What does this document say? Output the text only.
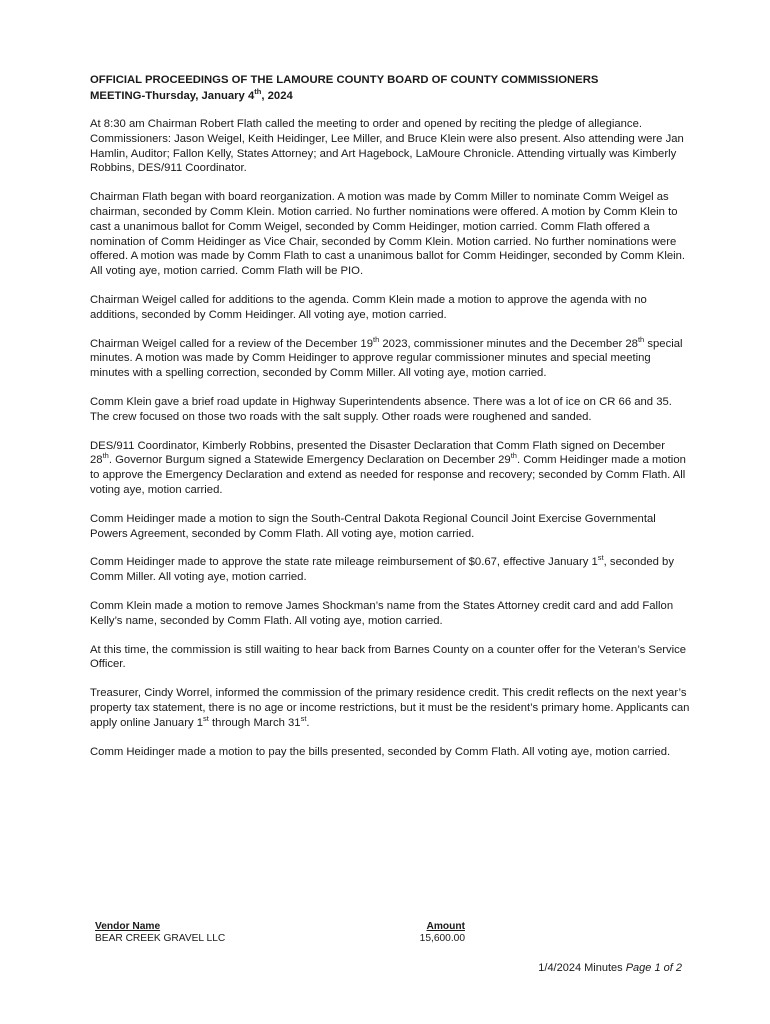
OFFICIAL PROCEEDINGS OF THE LAMOURE COUNTY BOARD OF COUNTY COMMISSIONERS
MEETING-Thursday, January 4th, 2024

At 8:30 am Chairman Robert Flath called the meeting to order and opened by reciting the pledge of allegiance. Commissioners: Jason Weigel, Keith Heidinger, Lee Miller, and Bruce Klein were also present. Also attending were Jan Hamlin, Auditor; Fallon Kelly, States Attorney; and Art Hagebock, LaMoure Chronicle. Attending virtually was Kimberly Robbins, DES/911 Coordinator.

Chairman Flath began with board reorganization. A motion was made by Comm Miller to nominate Comm Weigel as chairman, seconded by Comm Klein. Motion carried. No further nominations were offered. A motion by Comm Klein to cast a unanimous ballot for Comm Weigel, seconded by Comm Heidinger, motion carried. Comm Flath offered a nomination of Comm Heidinger as Vice Chair, seconded by Comm Klein. Motion carried. No further nominations were offered. A motion was made by Comm Flath to cast a unanimous ballot for Comm Heidinger, seconded by Comm Klein. All voting aye, motion carried. Comm Flath will be PIO.

Chairman Weigel called for additions to the agenda. Comm Klein made a motion to approve the agenda with no additions, seconded by Comm Heidinger. All voting aye, motion carried.

Chairman Weigel called for a review of the December 19th 2023, commissioner minutes and the December 28th special minutes. A motion was made by Comm Heidinger to approve regular commissioner minutes and special meeting minutes with a spelling correction, seconded by Comm Miller. All voting aye, motion carried.

Comm Klein gave a brief road update in Highway Superintendents absence. There was a lot of ice on CR 66 and 35. The crew focused on those two roads with the salt supply. Other roads were roughened and sanded.

DES/911 Coordinator, Kimberly Robbins, presented the Disaster Declaration that Comm Flath signed on December 28th. Governor Burgum signed a Statewide Emergency Declaration on December 29th. Comm Heidinger made a motion to approve the Emergency Declaration and extend as needed for response and recovery; seconded by Comm Flath. All voting aye, motion carried.

Comm Heidinger made a motion to sign the South-Central Dakota Regional Council Joint Exercise Governmental Powers Agreement, seconded by Comm Flath. All voting aye, motion carried.

Comm Heidinger made to approve the state rate mileage reimbursement of $0.67, effective January 1st, seconded by Comm Miller. All voting aye, motion carried.

Comm Klein made a motion to remove James Shockman’s name from the States Attorney credit card and add Fallon Kelly’s name, seconded by Comm Flath. All voting aye, motion carried.

At this time, the commission is still waiting to hear back from Barnes County on a counter offer for the Veteran’s Service Officer.

Treasurer, Cindy Worrel, informed the commission of the primary residence credit. This credit reflects on the next year’s property tax statement, there is no age or income restrictions, but it must be the resident’s primary home. Applicants can apply online January 1st through March 31st.

Comm Heidinger made a motion to pay the bills presented, seconded by Comm Flath. All voting aye, motion carried.

Vendor Name	Amount
BEAR CREEK GRAVEL LLC	15,600.00
1/4/2024 Minutes Page 1 of 2
